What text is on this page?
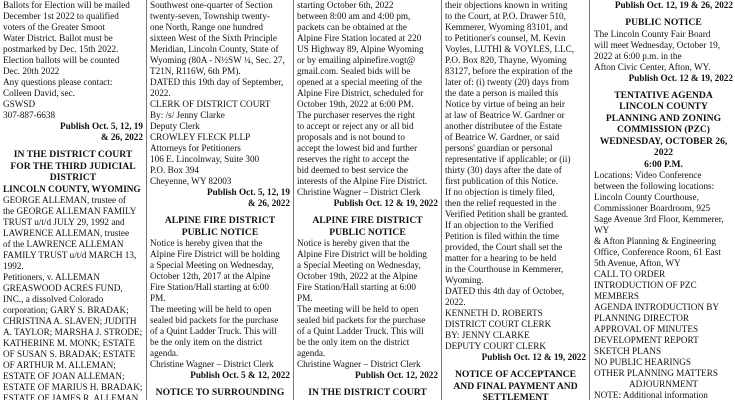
Ballots for Election will be mailed
December 1st 2022 to qualified
voters of the Greater Smoot
Water District. Ballot must be
postmarked by Dec. 15th 2022.
Election ballots will be counted
Dec. 20th 2022
Any questions please contact:
Colleen David, sec.
GSWSD
307-887-6638
Publish Oct. 5, 12, 19
& 26, 2022
IN THE DISTRICT COURT
FOR THE THIRD JUDICIAL
DISTRICT
LINCOLN COUNTY, WYOMING
GEORGE ALLEMAN, trustee of
the GEORGE ALLEMAN FAMILY
TRUST u/t/d JULY 29, 1992 and
LAWRENCE ALLEMAN, trustee
of the LAWRENCE ALLEMAN
FAMILY TRUST u/t/d MARCH 13,
1992.
Petitioners, v. ALLEMAN
GREASWOOD ACRES FUND,
INC., a dissolved Colorado
corporation; GARY S. BRADAK;
CHRISTINA A. SLAVEN; JUDITH
A. TAYLOR; MARSHA J. STRODE;
KATHERINE M. MONK; ESTATE
OF SUSAN S. BRADAK; ESTATE
OF ARTHUR M. ALLEMAN;
ESTATE OF JOAN ALLEMAN;
ESTATE OF MARIUS H. BRADAK;
ESTATE OF JAMES R. ALLEMAN
Southwest one-quarter of Section
twenty-seven, Township twenty-
one North, Range one hundred
sixteen West of the Sixth Principle
Meridian, Lincoln County, State of
Wyoming (80A - N½SW ¼, Sec. 27,
T21N, R116W, 6th PM).
DATED this 19th day of September,
2022.
CLERK OF DISTRICT COURT
By: /s/ Jenny Clarke
Deputy Clerk
CROWLEY FLECK PLLP
Attorneys for Petitioners
106 E. Lincolnway, Suite 300
P.O. Box 394
Cheyenne, WY 82003
Publish Oct. 5, 12, 19
& 26, 2022
ALPINE FIRE DISTRICT
PUBLIC NOTICE
Notice is hereby given that the
Alpine Fire District will be holding
a Special Meeting on Wednesday,
October 12th, 2017 at the Alpine
Fire Station/Hall starting at 6:00
PM.
The meeting will be held to open
sealed bid packets for the purchase
of a Quint Ladder Truck. This will
be the only item on the district
agenda.
Christine Wagner – District Clerk
Publish Oct. 5 & 12, 2022
NOTICE TO SURROUNDING
starting October 6th, 2022
between 8:00 am and 4:00 pm,
packets can be obtained at the
Alpine Fire Station located at 220
US Highway 89, Alpine Wyoming
or by emailing alpinefire.vogt@
gmail.com. Sealed bids will be
opened at a special meeting of the
Alpine Fire District, scheduled for
October 19th, 2022 at 6:00 PM.
The purchaser reserves the right
to accept or reject any or all bid
proposals and is not bound to
accept the lowest bid and further
reserves the right to accept the
bid deemed to best service the
interests of the Alpine Fire District.
Christine Wagner – District Clerk
Publish Oct. 12 & 19, 2022
ALPINE FIRE DISTRICT
PUBLIC NOTICE
Notice is hereby given that the
Alpine Fire District will be holding
a Special Meeting on Wednesday,
October 19th, 2022 at the Alpine
Fire Station/Hall starting at 6:00
PM.
The meeting will be held to open
sealed bid packets for the purchase
of a Quint Ladder Truck. This will
be the only item on the district
agenda.
Christine Wagner – District Clerk
Publish Oct. 12, 2022
IN THE DISTRICT COURT
their objections known in writing
to the Court, at P.O. Drawer 510,
Kemmerer, Wyoming 83101, and
to Petitioner's counsel, M. Kevin
Voyles, LUTHI & VOYLES, LLC,
P.O. Box 820, Thayne, Wyoming
83127, before the expiration of the
later of: (i) twenty (20) days from
the date a person is mailed this
Notice by virtue of being an heir
at law of Beatrice W. Gardner or
another distributee of the Estate
of Beatrice W. Gardner, or said
persons' guardian or personal
representative if applicable; or (ii)
thirty (30) days after the date of
first publication of this Notice.
If no objection is timely filed,
then the relief requested in the
Verified Petition shall be granted.
If an objection to the Verified
Petition is filed within the time
provided, the Court shall set the
matter for a hearing to be held
in the Courthouse in Kemmerer,
Wyoming.
DATED this 4th day of October,
2022.
KENNETH D. ROBERTS
DISTRICT COURT CLERK
BY: JENNY CLARKE
DEPUTY COURT CLERK
Publish Oct. 12 & 19, 2022
NOTICE OF ACCEPTANCE
AND FINAL PAYMENT AND
SETTLEMENT
Publish Oct. 12, 19 & 26, 2022
PUBLIC NOTICE
The Lincoln County Fair Board
will meet Wednesday, October 19,
2022 at 6:00 p.m. in the
Afton Civic Center, Afton, WY.
Publish Oct. 12 & 19, 2022
TENTATIVE AGENDA
LINCOLN COUNTY
PLANNING AND ZONING
COMMISSION (PZC)
WEDNESDAY, OCTOBER 26,
2022
6:00 P.M.
Locations: Video Conference
between the following locations:
Lincoln County Courthouse,
Commissioner Boardroom, 925
Sage Avenue 3rd Floor, Kemmerer,
WY
& Afton Planning & Engineering
Office, Conference Room, 61 East
5th Avenue, Afton, WY
CALL TO ORDER
INTRODUCTION OF PZC
MEMBERS
AGENDA INTRODUCTION BY
PLANNING DIRECTOR
APPROVAL OF MINUTES
DEVELOPMENT REPORT
SKETCH PLANS
NO PUBLIC HEARINGS
OTHER PLANNING MATTERS
ADJOURNMENT
NOTE: Additional information
